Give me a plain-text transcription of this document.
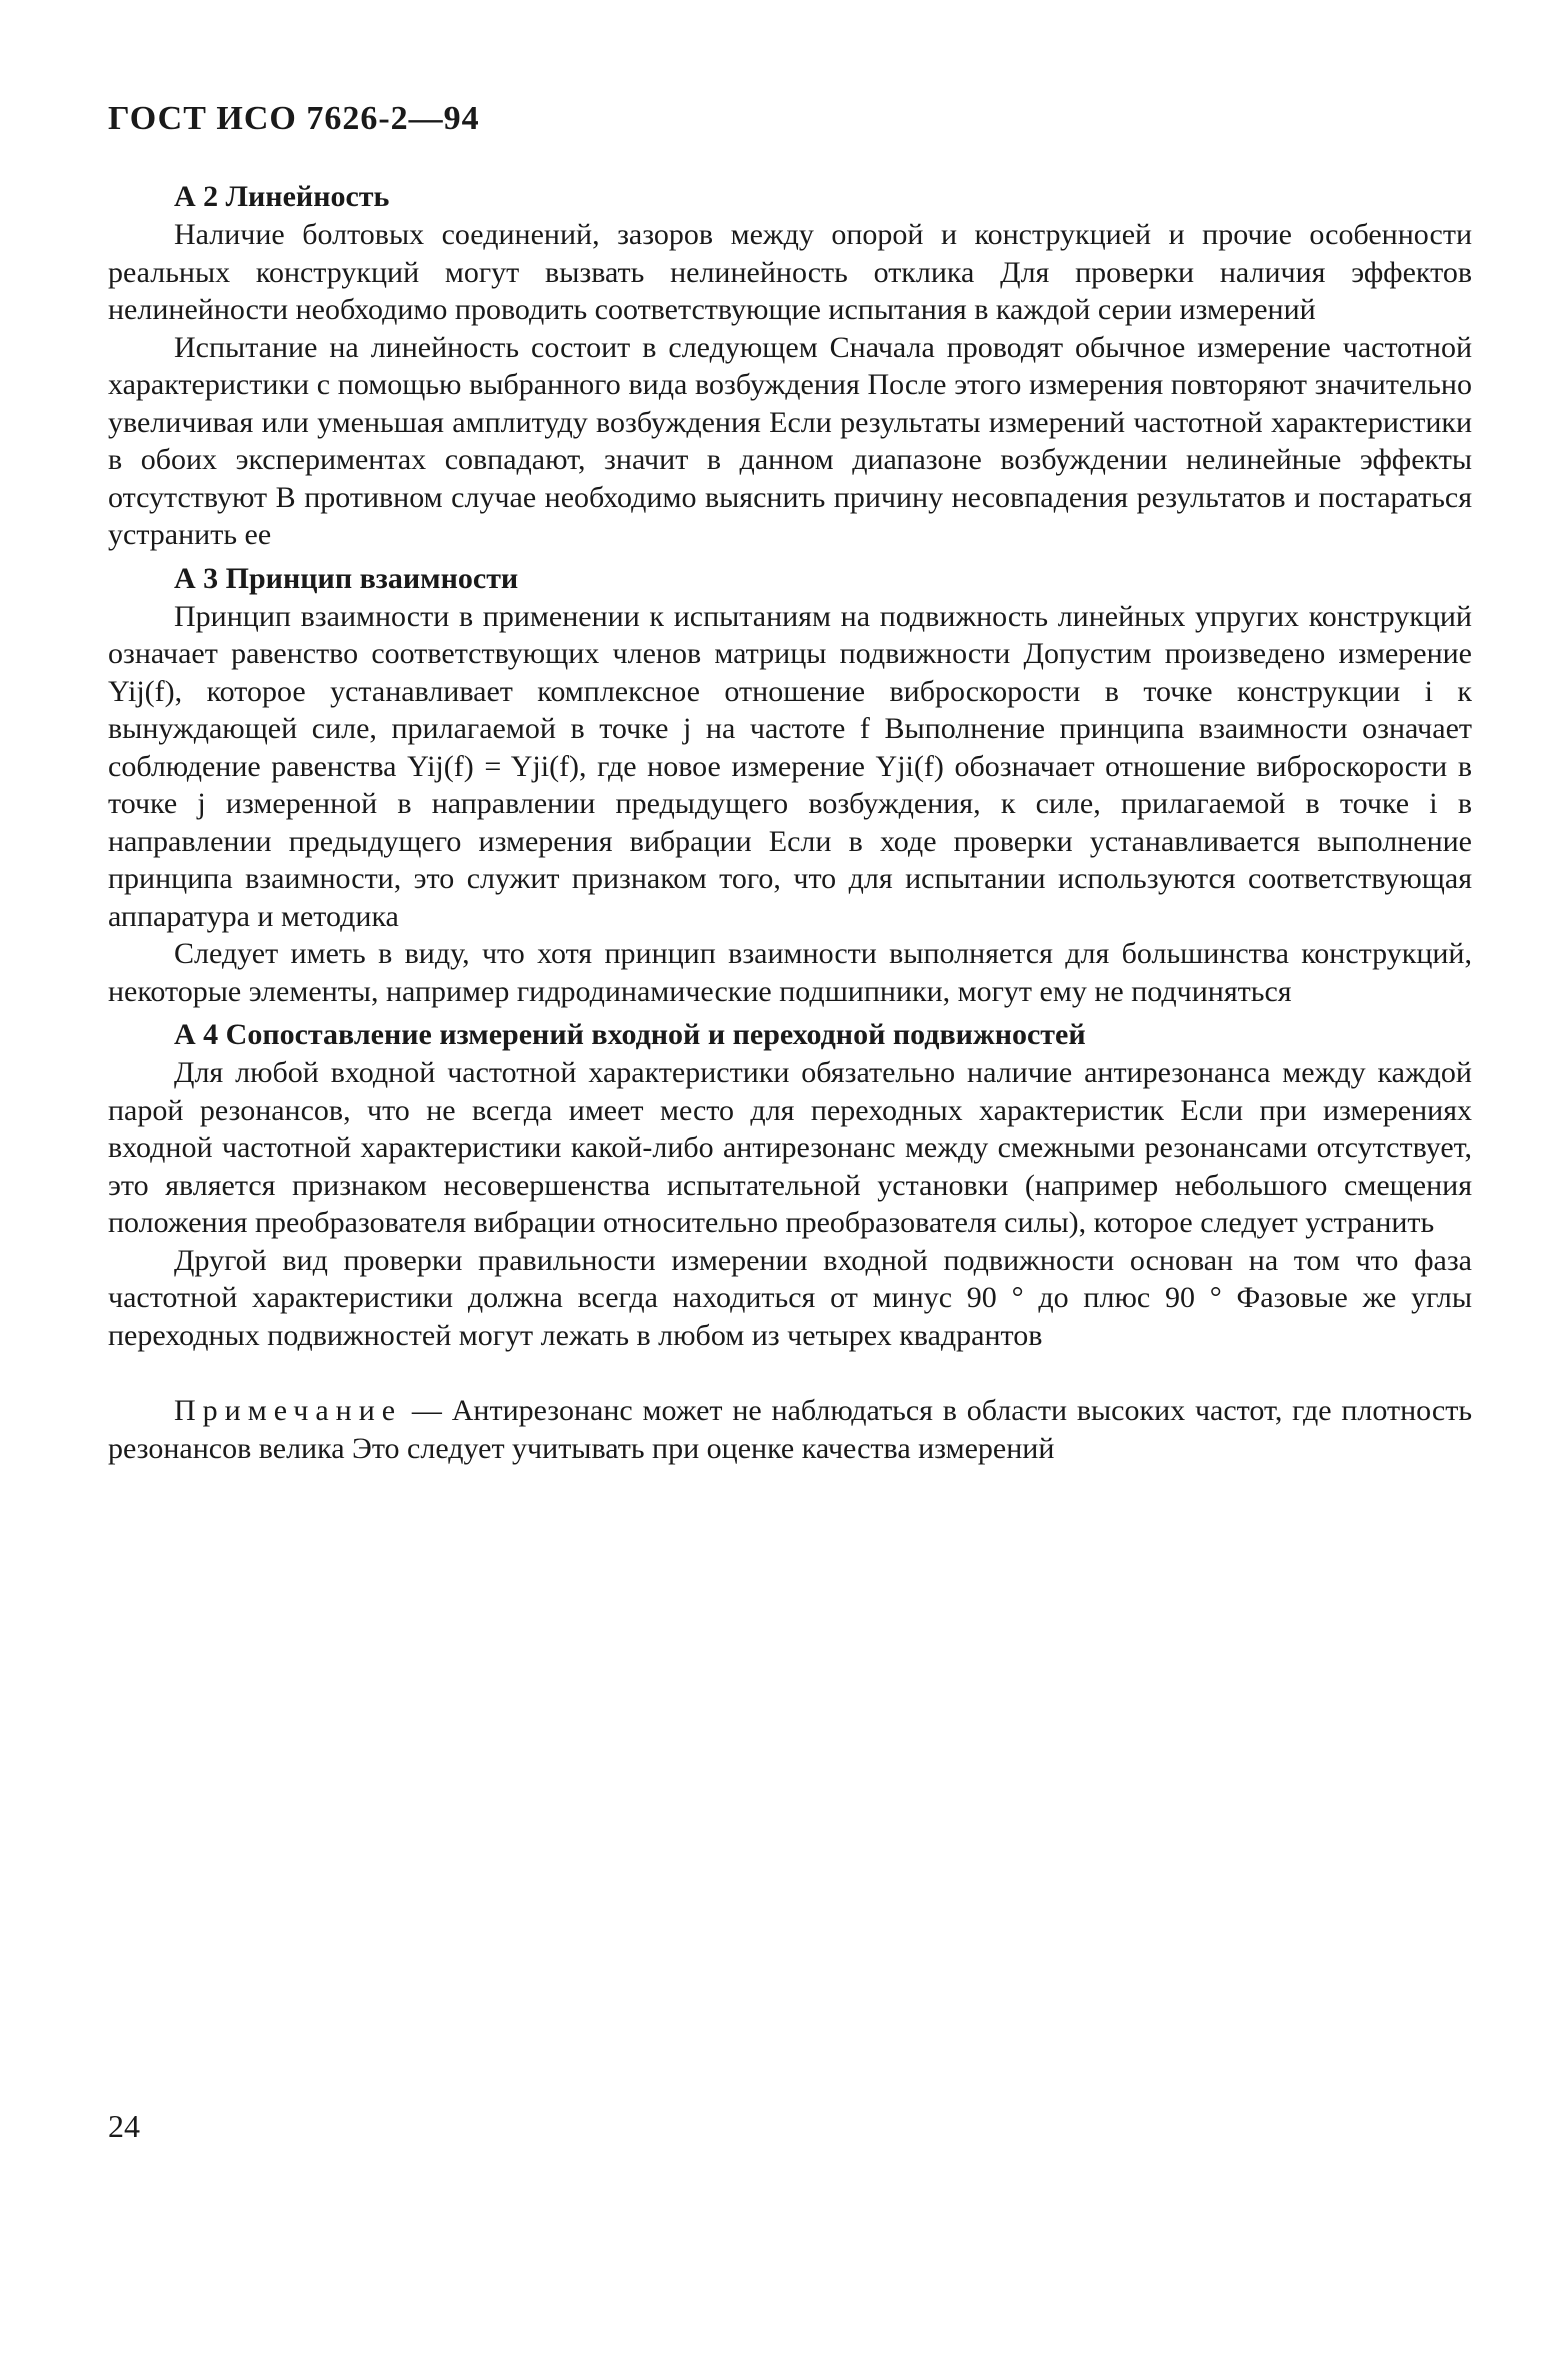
ГОСТ ИСО 7626-2—94
А 2 Линейность

Наличие болтовых соединений, зазоров между опорой и конструкцией и прочие особенности реальных конструкций могут вызвать нелинейность отклика Для проверки наличия эффектов нелинейности необходимо проводить соответствующие испытания в каждой серии измерений

Испытание на линейность состоит в следующем Сначала проводят обычное измерение частотной характеристики с помощью выбранного вида возбуждения После этого измерения повторяют значительно увеличивая или уменьшая амплитуду возбуждения Если результаты измерений частотной характеристики в обоих экспериментах совпадают, значит в данном диапазоне возбуждении нелинейные эффекты отсутствуют В противном случае необходимо выяснить причину несовпадения результатов и постараться устранить ее

А 3 Принцип взаимности

Принцип взаимности в применении к испытаниям на подвижность линейных упругих конструкций означает равенство соответствующих членов матрицы подвижности Допустим произведено измерение Yij(f), которое устанавливает комплексное отношение виброскорости в точке конструкции i к вынуждающей силе, прилагаемой в точке j на частоте f Выполнение принципа взаимности означает соблюдение равенства Yij(f) = Yji(f), где новое измерение Yji(f) обозначает отношение виброскорости в точке j измеренной в направлении предыдущего возбуждения, к силе, прилагаемой в точке i в направлении предыдущего измерения вибрации Если в ходе проверки устанавливается выполнение принципа взаимности, это служит признаком того, что для испытании используются соответствующая аппаратура и методика

Следует иметь в виду, что хотя принцип взаимности выполняется для большинства конструкций, некоторые элементы, например гидродинамические подшипники, могут ему не подчиняться

А 4 Сопоставление измерений входной и переходной подвижностей

Для любой входной частотной характеристики обязательно наличие антирезонанса между каждой парой резонансов, что не всегда имеет место для переходных характеристик Если при измерениях входной частотной характеристики какой-либо антирезонанс между смежными резонансами отсутствует, это является признаком несовершенства испытательной установки (например небольшого смещения положения преобразователя вибрации относительно преобразователя силы), которое следует устранить

Другой вид проверки правильности измерении входной подвижности основан на том что фаза частотной характеристики должна всегда находиться от минус 90 ° до плюс 90 ° Фазовые же углы переходных подвижностей могут лежать в любом из четырех квадрантов

Примечание — Антирезонанс может не наблюдаться в области высоких частот, где плотность резонансов велика Это следует учитывать при оценке качества измерений

24
